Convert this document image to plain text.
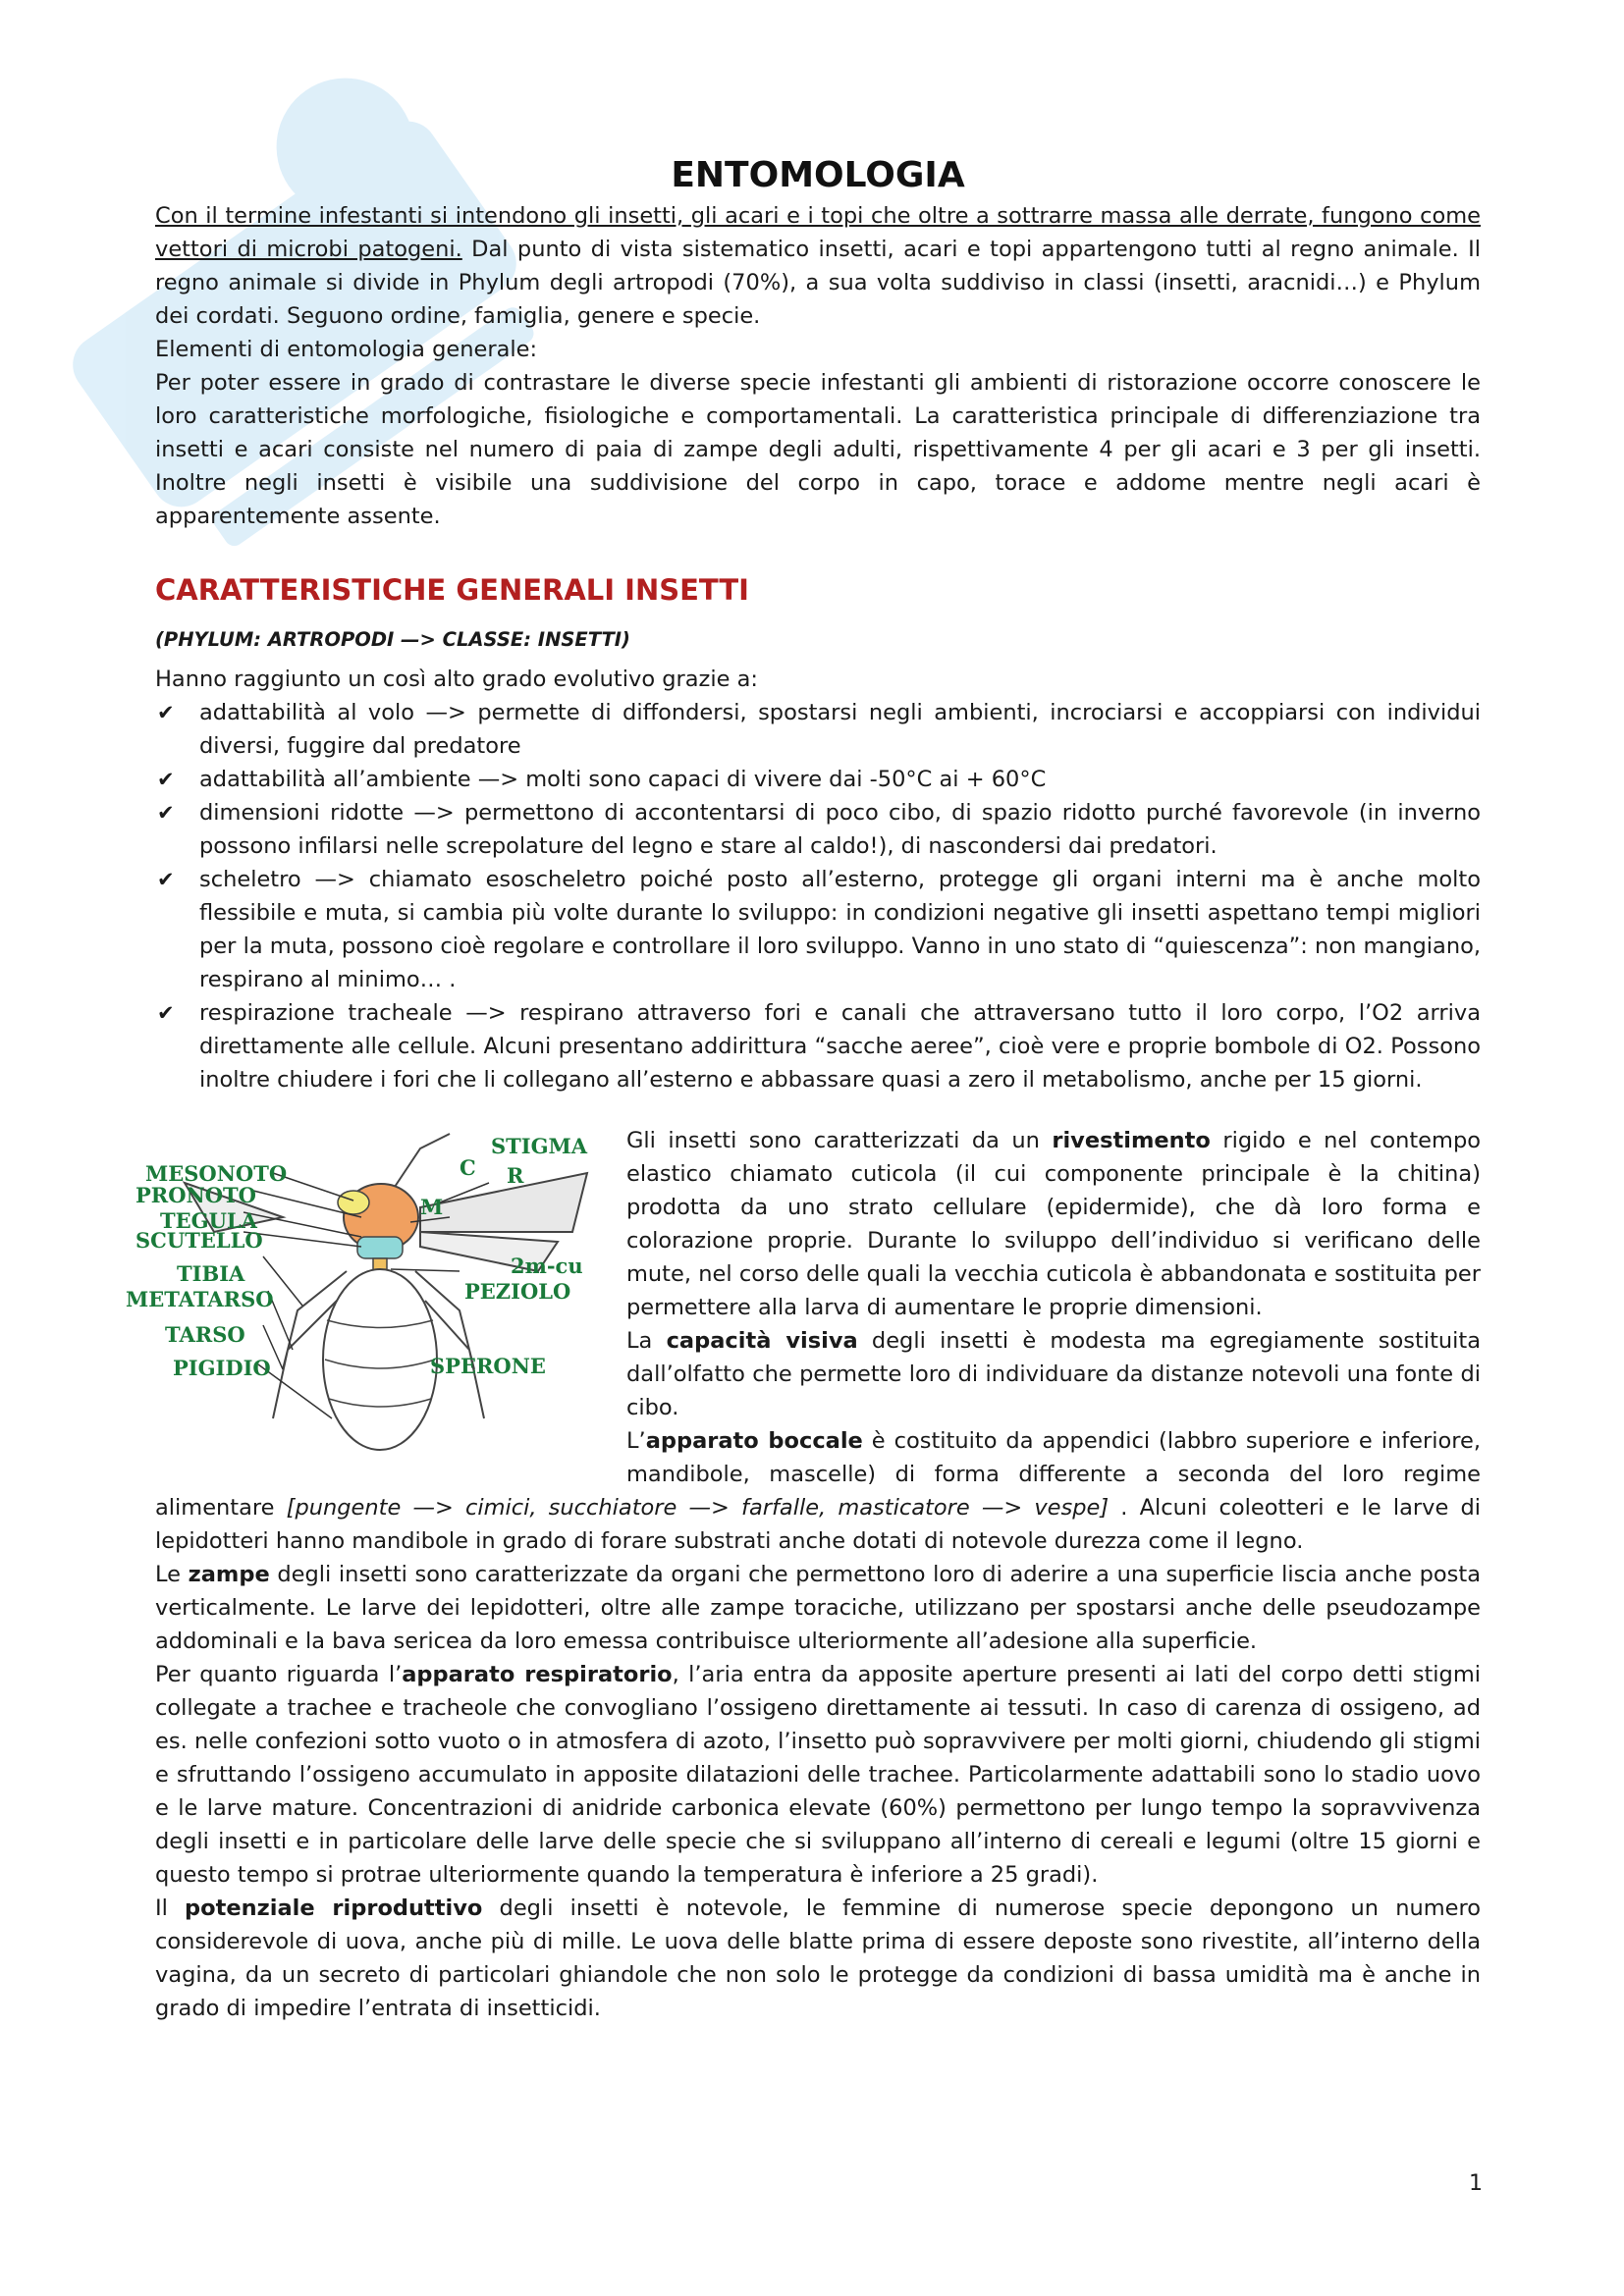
ENTOMOLOGIA

Con il termine infestanti si intendono gli insetti, gli acari e i topi che oltre a sottrarre massa alle derrate, fungono come vettori di microbi patogeni. Dal punto di vista sistematico insetti, acari e topi appartengono tutti al regno animale. Il regno animale si divide in Phylum degli artropodi (70%), a sua volta suddiviso in classi (insetti, aracnidi…) e Phylum dei cordati. Seguono ordine, famiglia, genere e specie.

Elementi di entomologia generale:

Per poter essere in grado di contrastare le diverse specie infestanti gli ambienti di ristorazione occorre conoscere le loro caratteristiche morfologiche, fisiologiche e comportamentali. La caratteristica principale di differenziazione tra insetti e acari consiste nel numero di paia di zampe degli adulti, rispettivamente 4 per gli acari e 3 per gli insetti. Inoltre negli insetti è visibile una suddivisione del corpo in capo, torace e addome mentre negli acari è apparentemente assente.

CARATTERISTICHE GENERALI INSETTI
(PHYLUM: ARTROPODI —> CLASSE: INSETTI)

Hanno raggiunto un così alto grado evolutivo grazie a:

✔ adattabilità al volo —> permette di diffondersi, spostarsi negli ambienti, incrociarsi e accoppiarsi con individui diversi, fuggire dal predatore
✔ adattabilità all’ambiente —> molti sono capaci di vivere dai -50°C ai + 60°C
✔ dimensioni ridotte —> permettono di accontentarsi di poco cibo, di spazio ridotto purché favorevole (in inverno possono infilarsi nelle screpolature del legno e stare al caldo!), di nascondersi dai predatori.
✔ scheletro —> chiamato esoscheletro poiché posto all’esterno, protegge gli organi interni ma è anche molto flessibile e muta, si cambia più volte durante lo sviluppo: in condizioni negative gli insetti aspettano tempi migliori per la muta, possono cioè regolare e controllare il loro sviluppo. Vanno in uno stato di “quiescenza”: non mangiano, respirano al minimo… .
✔ respirazione tracheale —> respirano attraverso fori e canali che attraversano tutto il loro corpo, l’O2 arriva direttamente alle cellule. Alcuni presentano addirittura “sacche aeree”, cioè vere e proprie bombole di O2. Possono inoltre chiudere i fori che li collegano all’esterno e abbassare quasi a zero il metabolismo, anche per 15 giorni.
MESONOTO
PRONOTO
TEGULA
SCUTELLO
TIBIA
METATARSO
TARSO
PIGIDIO
STIGMA
C R
M
2m-cu
PEZIOLO
SPERONE

Gli insetti sono caratterizzati da un rivestimento rigido e nel contempo elastico chiamato cuticola (il cui componente principale è la chitina) prodotta da uno strato cellulare (epidermide), che dà loro forma e colorazione proprie. Durante lo sviluppo dell’individuo si verificano delle mute, nel corso delle quali la vecchia cuticola è abbandonata e sostituita per permettere alla larva di aumentare le proprie dimensioni.

La capacità visiva degli insetti è modesta ma egregiamente sostituita dall’olfatto che permette loro di individuare da distanze notevoli una fonte di cibo.

L’apparato boccale è costituito da appendici (labbro superiore e inferiore, mandibole, mascelle) di forma differente a seconda del loro regime alimentare [pungente —> cimici, succhiatore —> farfalle, masticatore —> vespe] . Alcuni coleotteri e le larve di lepidotteri hanno mandibole in grado di forare substrati anche dotati di notevole durezza come il legno.

Le zampe degli insetti sono caratterizzate da organi che permettono loro di aderire a una superficie liscia anche posta verticalmente. Le larve dei lepidotteri, oltre alle zampe toraciche, utilizzano per spostarsi anche delle pseudozampe addominali e la bava sericea da loro emessa contribuisce ulteriormente all’adesione alla superficie.

Per quanto riguarda l’apparato respiratorio, l’aria entra da apposite aperture presenti ai lati del corpo detti stigmi collegate a trachee e tracheole che convogliano l’ossigeno direttamente ai tessuti. In caso di carenza di ossigeno, ad es. nelle confezioni sotto vuoto o in atmosfera di azoto, l’insetto può sopravvivere per molti giorni, chiudendo gli stigmi e sfruttando l’ossigeno accumulato in apposite dilatazioni delle trachee. Particolarmente adattabili sono lo stadio uovo e le larve mature. Concentrazioni di anidride carbonica elevate (60%) permettono per lungo tempo la sopravvivenza degli insetti e in particolare delle larve delle specie che si sviluppano all’interno di cereali e legumi (oltre 15 giorni e questo tempo si protrae ulteriormente quando la temperatura è inferiore a 25 gradi).

Il potenziale riproduttivo degli insetti è notevole, le femmine di numerose specie depongono un numero considerevole di uova, anche più di mille. Le uova delle blatte prima di essere deposte sono rivestite, all’interno della vagina, da un secreto di particolari ghiandole che non solo le protegge da condizioni di bassa umidità ma è anche in grado di impedire l’entrata di insetticidi.

1
